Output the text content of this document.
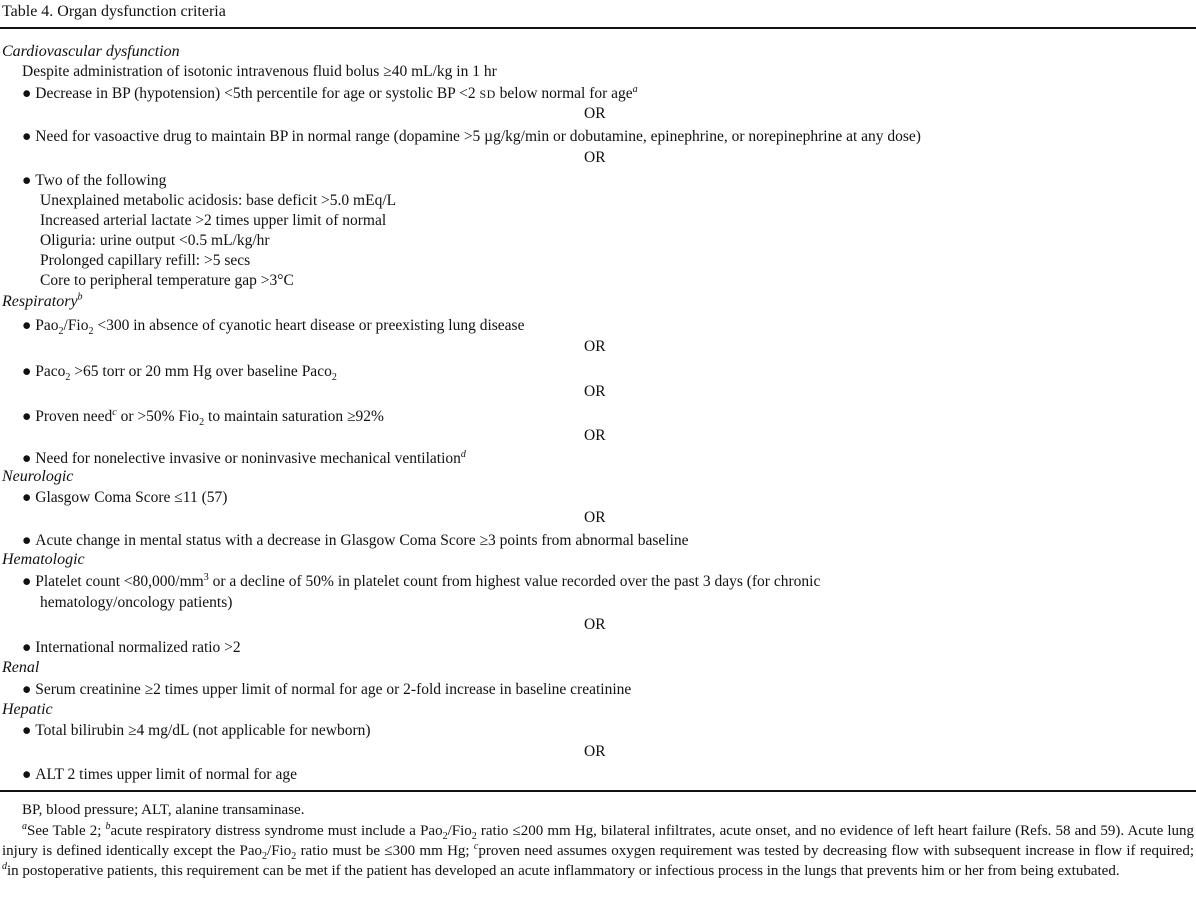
Table 4. Organ dysfunction criteria
Cardiovascular dysfunction
Despite administration of isotonic intravenous fluid bolus ≥40 mL/kg in 1 hr
● Decrease in BP (hypotension) <5th percentile for age or systolic BP <2 SD below normal for age$^a$
OR
● Need for vasoactive drug to maintain BP in normal range (dopamine >5 µg/kg/min or dobutamine, epinephrine, or norepinephrine at any dose)
OR
● Two of the following
Unexplained metabolic acidosis: base deficit >5.0 mEq/L
Increased arterial lactate >2 times upper limit of normal
Oliguria: urine output <0.5 mL/kg/hr
Prolonged capillary refill: >5 secs
Core to peripheral temperature gap >3°C
Respiratory$^b$
● Pao$_2$/Fio$_2$ <300 in absence of cyanotic heart disease or preexisting lung disease
OR
● Paco$_2$ >65 torr or 20 mm Hg over baseline Paco$_2$
OR
● Proven need$^c$ or >50% Fio$_2$ to maintain saturation ≥92%
OR
● Need for nonelective invasive or noninvasive mechanical ventilation$^d$
Neurologic
● Glasgow Coma Score ≤11 (57)
OR
● Acute change in mental status with a decrease in Glasgow Coma Score ≥3 points from abnormal baseline
Hematologic
● Platelet count $<80,000/mm^3$ or a decline of 50% in platelet count from highest value recorded over the past 3 days (for chronic
hematology/oncology patients)
OR
● International normalized ratio >2
Renal
● Serum creatinine ≥2 times upper limit of normal for age or 2-fold increase in baseline creatinine
Hepatic
● Total bilirubin ≥4 mg/dL (not applicable for newborn)
OR
● ALT 2 times upper limit of normal for age
BP, blood pressure; ALT, alanine transaminase.
$^a$See Table 2; $^b$acute respiratory distress syndrome must include a Pao$_2$/Fio$_2$ ratio ≤200 mm Hg, bilateral infiltrates, acute onset, and no evidence of left heart failure (Refs. 58 and 59). Acute lung injury is defined identically except the Pao$_2$/Fio$_2$ ratio must be ≤300 mm Hg; $^c$proven need assumes oxygen requirement was tested by decreasing flow with subsequent increase in flow if required; $^d$in postoperative patients, this requirement can be met if the patient has developed an acute inflammatory or infectious process in the lungs that prevents him or her from being extubated.
